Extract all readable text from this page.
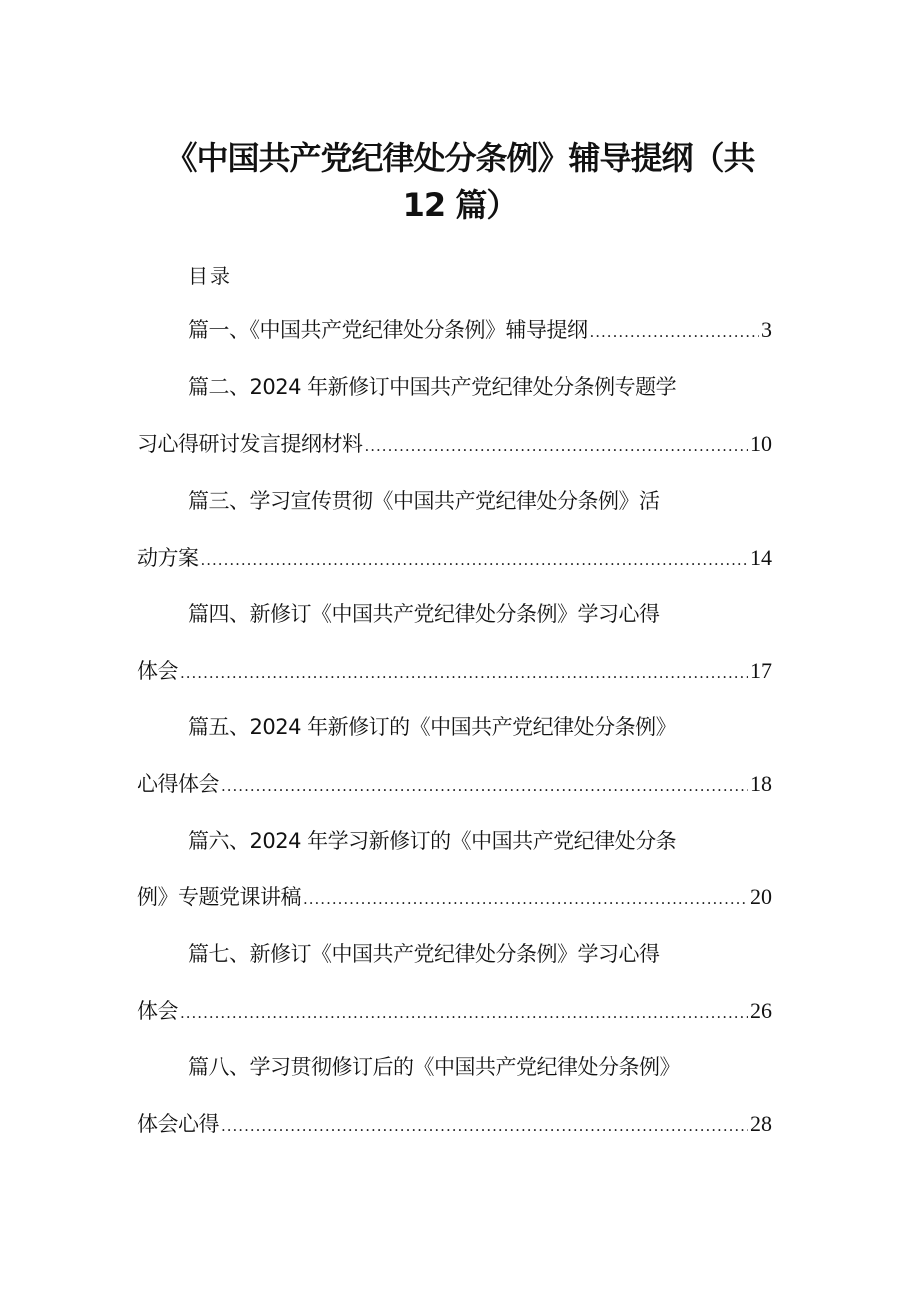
《中国共产党纪律处分条例》辅导提纲（共
12 篇）
目录
篇一、《中国共产党纪律处分条例》辅导提纲 .....	3
篇二、2024 年新修订中国共产党纪律处分条例专题学
习心得研讨发言提纲材料 .....	10
篇三、学习宣传贯彻《中国共产党纪律处分条例》活
动方案 .....	14
篇四、新修订《中国共产党纪律处分条例》学习心得
体会 .....	17
篇五、2024 年新修订的《中国共产党纪律处分条例》
心得体会 .....	18
篇六、2024 年学习新修订的《中国共产党纪律处分条
例》专题党课讲稿 .....	20
篇七、新修订《中国共产党纪律处分条例》学习心得
体会 .....	26
篇八、学习贯彻修订后的《中国共产党纪律处分条例》
体会心得 .....	28
